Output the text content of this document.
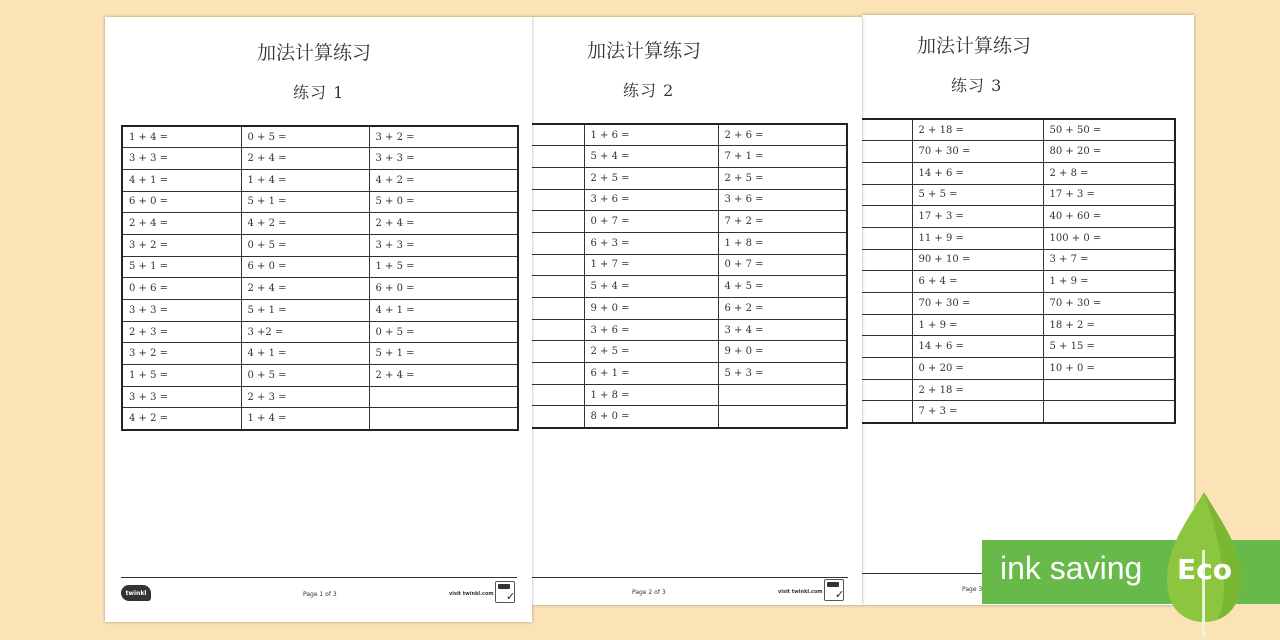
加法计算练习
练习 3
	2 + 18 =	50 + 50 =
	70 + 30 =	80 + 20 =
	14 + 6 =	2 + 8 =
	5 + 5 =	17 + 3 =
	17 + 3 =	40 + 60 =
	11 + 9 =	100 + 0 =
	90 + 10 =	3 + 7 =
	6 + 4 =	1 + 9 =
	70 + 30 =	70 + 30 =
	1 + 9 =	18 + 2 =
	14 + 6 =	5 + 15 =
	0 + 20 =	10 + 0 =
	2 + 18 =	
	7 + 3 =	
Page 3
加法计算练习
练习 2
	1 + 6 =	2 + 6 =
	5 + 4 =	7 + 1 =
	2 + 5 =	2 + 5 =
	3 + 6 =	3 + 6 =
	0 + 7 =	7 + 2 =
	6 + 3 =	1 + 8 =
	1 + 7 =	0 + 7 =
	5 + 4 =	4 + 5 =
	9 + 0 =	6 + 2 =
	3 + 6 =	3 + 4 =
	2 + 5 =	9 + 0 =
	6 + 1 =	5 + 3 =
	1 + 8 =	
	8 + 0 =	
Page 2 of 3	visit twinkl.com
✓
加法计算练习
练习 1
1 + 4 =	0 + 5 =	3 + 2 =
3 + 3 =	2 + 4 =	3 + 3 =
4 + 1 =	1 + 4 =	4 + 2 =
6 + 0 =	5 + 1 =	5 + 0 =
2 + 4 =	4 + 2 =	2 + 4 =
3 + 2 =	0 + 5 =	3 + 3 =
5 + 1 =	6 + 0 =	1 + 5 =
0 + 6 =	2 + 4 =	6 + 0 =
3 + 3 =	5 + 1 =	4 + 1 =
2 + 3 =	3 +2 =	0 + 5 =
3 + 2 =	4 + 1 =	5 + 1 =
1 + 5 =	0 + 5 =	2 + 4 =
3 + 3 =	2 + 3 =	
4 + 2 =	1 + 4 =	
twinkl	Page 1 of 3	visit twinkl.com
✓
ink saving Eco
